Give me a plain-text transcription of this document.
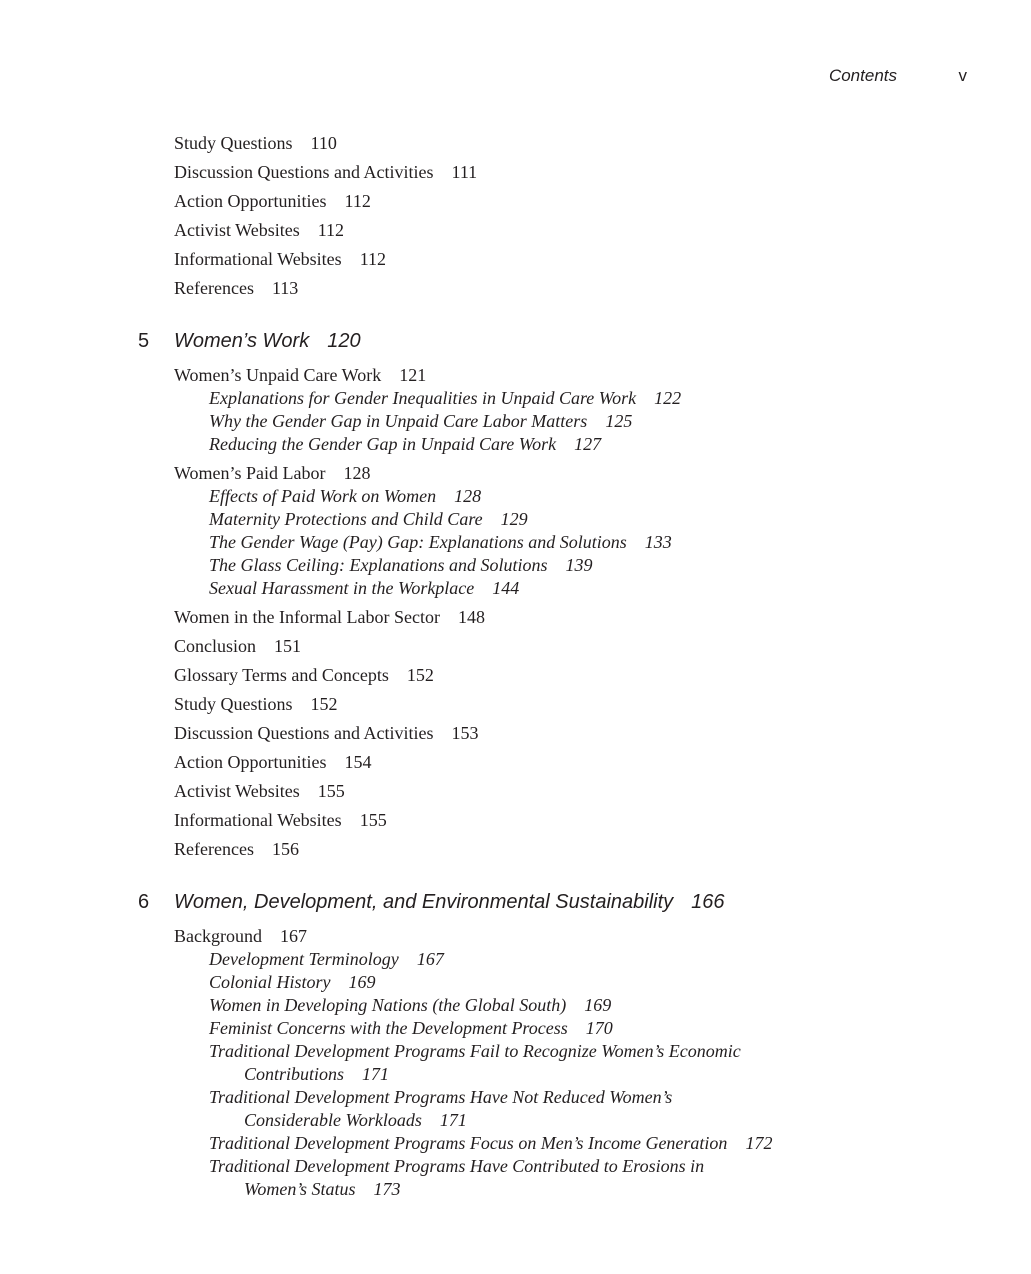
Contents	v
Study Questions 110
Discussion Questions and Activities 111
Action Opportunities 112
Activist Websites 112
Informational Websites 112
References 113
5 Women’s Work 120
Women’s Unpaid Care Work 121
Explanations for Gender Inequalities in Unpaid Care Work 122
Why the Gender Gap in Unpaid Care Labor Matters 125
Reducing the Gender Gap in Unpaid Care Work 127
Women’s Paid Labor 128
Effects of Paid Work on Women 128
Maternity Protections and Child Care 129
The Gender Wage (Pay) Gap: Explanations and Solutions 133
The Glass Ceiling: Explanations and Solutions 139
Sexual Harassment in the Workplace 144
Women in the Informal Labor Sector 148
Conclusion 151
Glossary Terms and Concepts 152
Study Questions 152
Discussion Questions and Activities 153
Action Opportunities 154
Activist Websites 155
Informational Websites 155
References 156
6 Women, Development, and Environmental Sustainability 166
Background 167
Development Terminology 167
Colonial History 169
Women in Developing Nations (the Global South) 169
Feminist Concerns with the Development Process 170
Traditional Development Programs Fail to Recognize Women’s Economic
Contributions 171
Traditional Development Programs Have Not Reduced Women’s
Considerable Workloads 171
Traditional Development Programs Focus on Men’s Income Generation 172
Traditional Development Programs Have Contributed to Erosions in
Women’s Status 173
